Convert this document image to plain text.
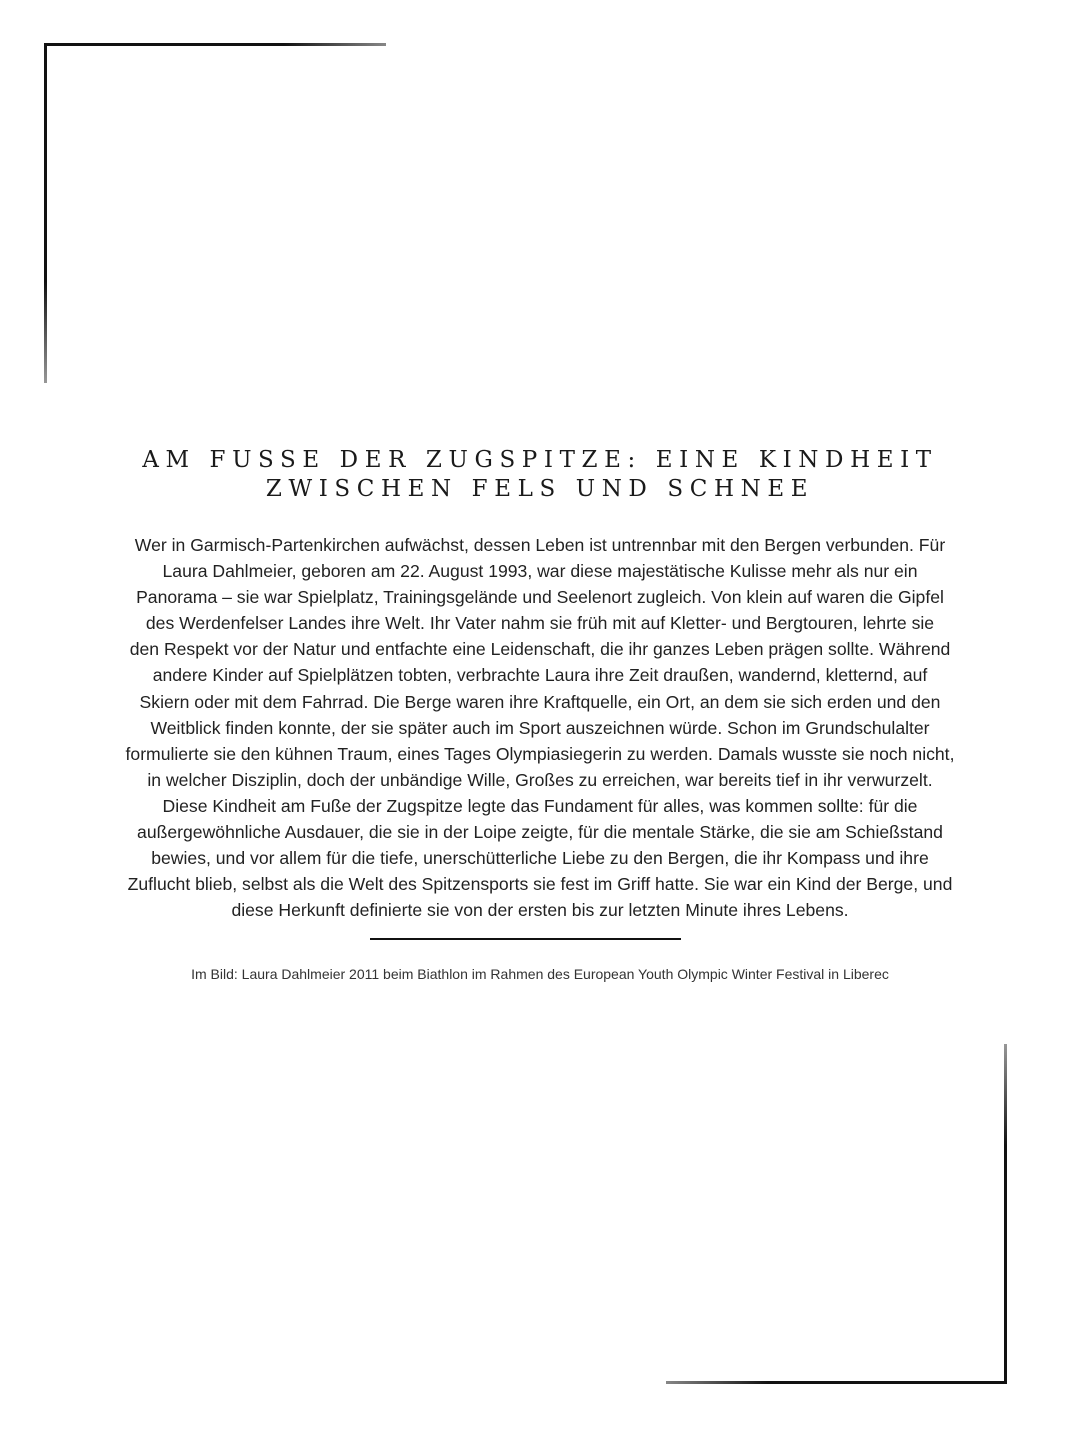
AM FUSSE DER ZUGSPITZE: EINE KINDHEIT
ZWISCHEN FELS UND SCHNEE

Wer in Garmisch-Partenkirchen aufwächst, dessen Leben ist untrennbar mit den Bergen verbunden. Für
Laura Dahlmeier, geboren am 22. August 1993, war diese majestätische Kulisse mehr als nur ein
Panorama – sie war Spielplatz, Trainingsgelände und Seelenort zugleich. Von klein auf waren die Gipfel
des Werdenfelser Landes ihre Welt. Ihr Vater nahm sie früh mit auf Kletter- und Bergtouren, lehrte sie
den Respekt vor der Natur und entfachte eine Leidenschaft, die ihr ganzes Leben prägen sollte. Während
andere Kinder auf Spielplätzen tobten, verbrachte Laura ihre Zeit draußen, wandernd, kletternd, auf
Skiern oder mit dem Fahrrad. Die Berge waren ihre Kraftquelle, ein Ort, an dem sie sich erden und den
Weitblick finden konnte, der sie später auch im Sport auszeichnen würde. Schon im Grundschulalter
formulierte sie den kühnen Traum, eines Tages Olympiasiegerin zu werden. Damals wusste sie noch nicht,
in welcher Disziplin, doch der unbändige Wille, Großes zu erreichen, war bereits tief in ihr verwurzelt.
Diese Kindheit am Fuße der Zugspitze legte das Fundament für alles, was kommen sollte: für die
außergewöhnliche Ausdauer, die sie in der Loipe zeigte, für die mentale Stärke, die sie am Schießstand
bewies, und vor allem für die tiefe, unerschütterliche Liebe zu den Bergen, die ihr Kompass und ihre
Zuflucht blieb, selbst als die Welt des Spitzensports sie fest im Griff hatte. Sie war ein Kind der Berge, und
diese Herkunft definierte sie von der ersten bis zur letzten Minute ihres Lebens.

Im Bild: Laura Dahlmeier 2011 beim Biathlon im Rahmen des European Youth Olympic Winter Festival in Liberec
